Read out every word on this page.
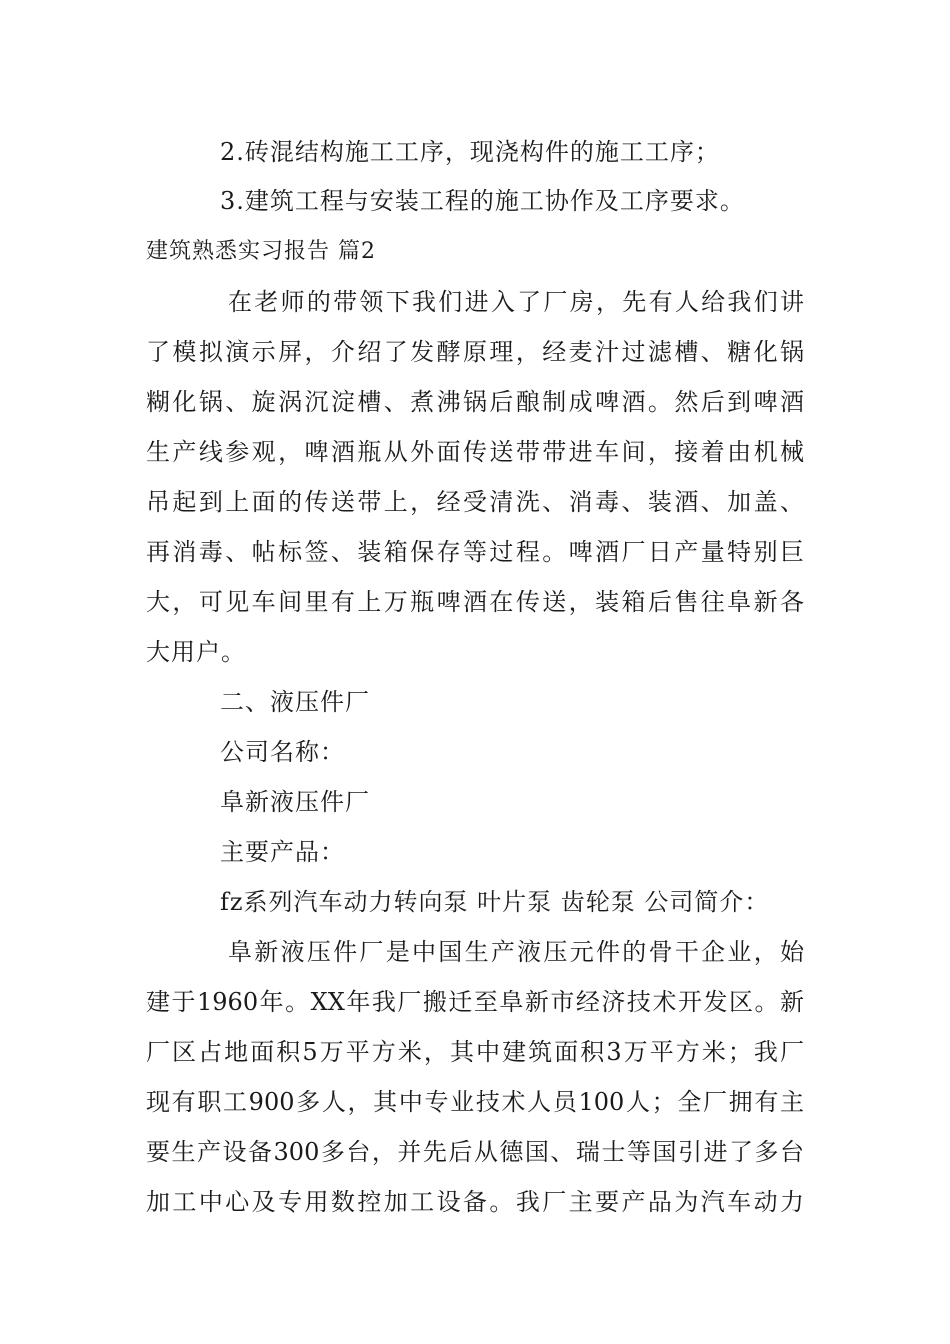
2.砖混结构施工工序，现浇构件的施工工序；
3.建筑工程与安装工程的施工协作及工序要求。
建筑熟悉实习报告 篇2
在老师的带领下我们进入了厂房，先有人给我们讲
了模拟演示屏，介绍了发酵原理，经麦汁过滤槽、糖化锅
糊化锅、旋涡沉淀槽、煮沸锅后酿制成啤酒。然后到啤酒
生产线参观，啤酒瓶从外面传送带带进车间，接着由机械
吊起到上面的传送带上，经受清洗、消毒、装酒、加盖、
再消毒、帖标签、装箱保存等过程。啤酒厂日产量特别巨
大，可见车间里有上万瓶啤酒在传送，装箱后售往阜新各
大用户。
二、液压件厂
公司名称：
阜新液压件厂
主要产品：
fz系列汽车动力转向泵 叶片泵 齿轮泵 公司简介：
阜新液压件厂是中国生产液压元件的骨干企业，始
建于1960年。XX年我厂搬迁至阜新市经济技术开发区。新
厂区占地面积5万平方米，其中建筑面积3万平方米；我厂
现有职工900多人，其中专业技术人员100人；全厂拥有主
要生产设备300多台，并先后从德国、瑞士等国引进了多台
加工中心及专用数控加工设备。我厂主要产品为汽车动力
